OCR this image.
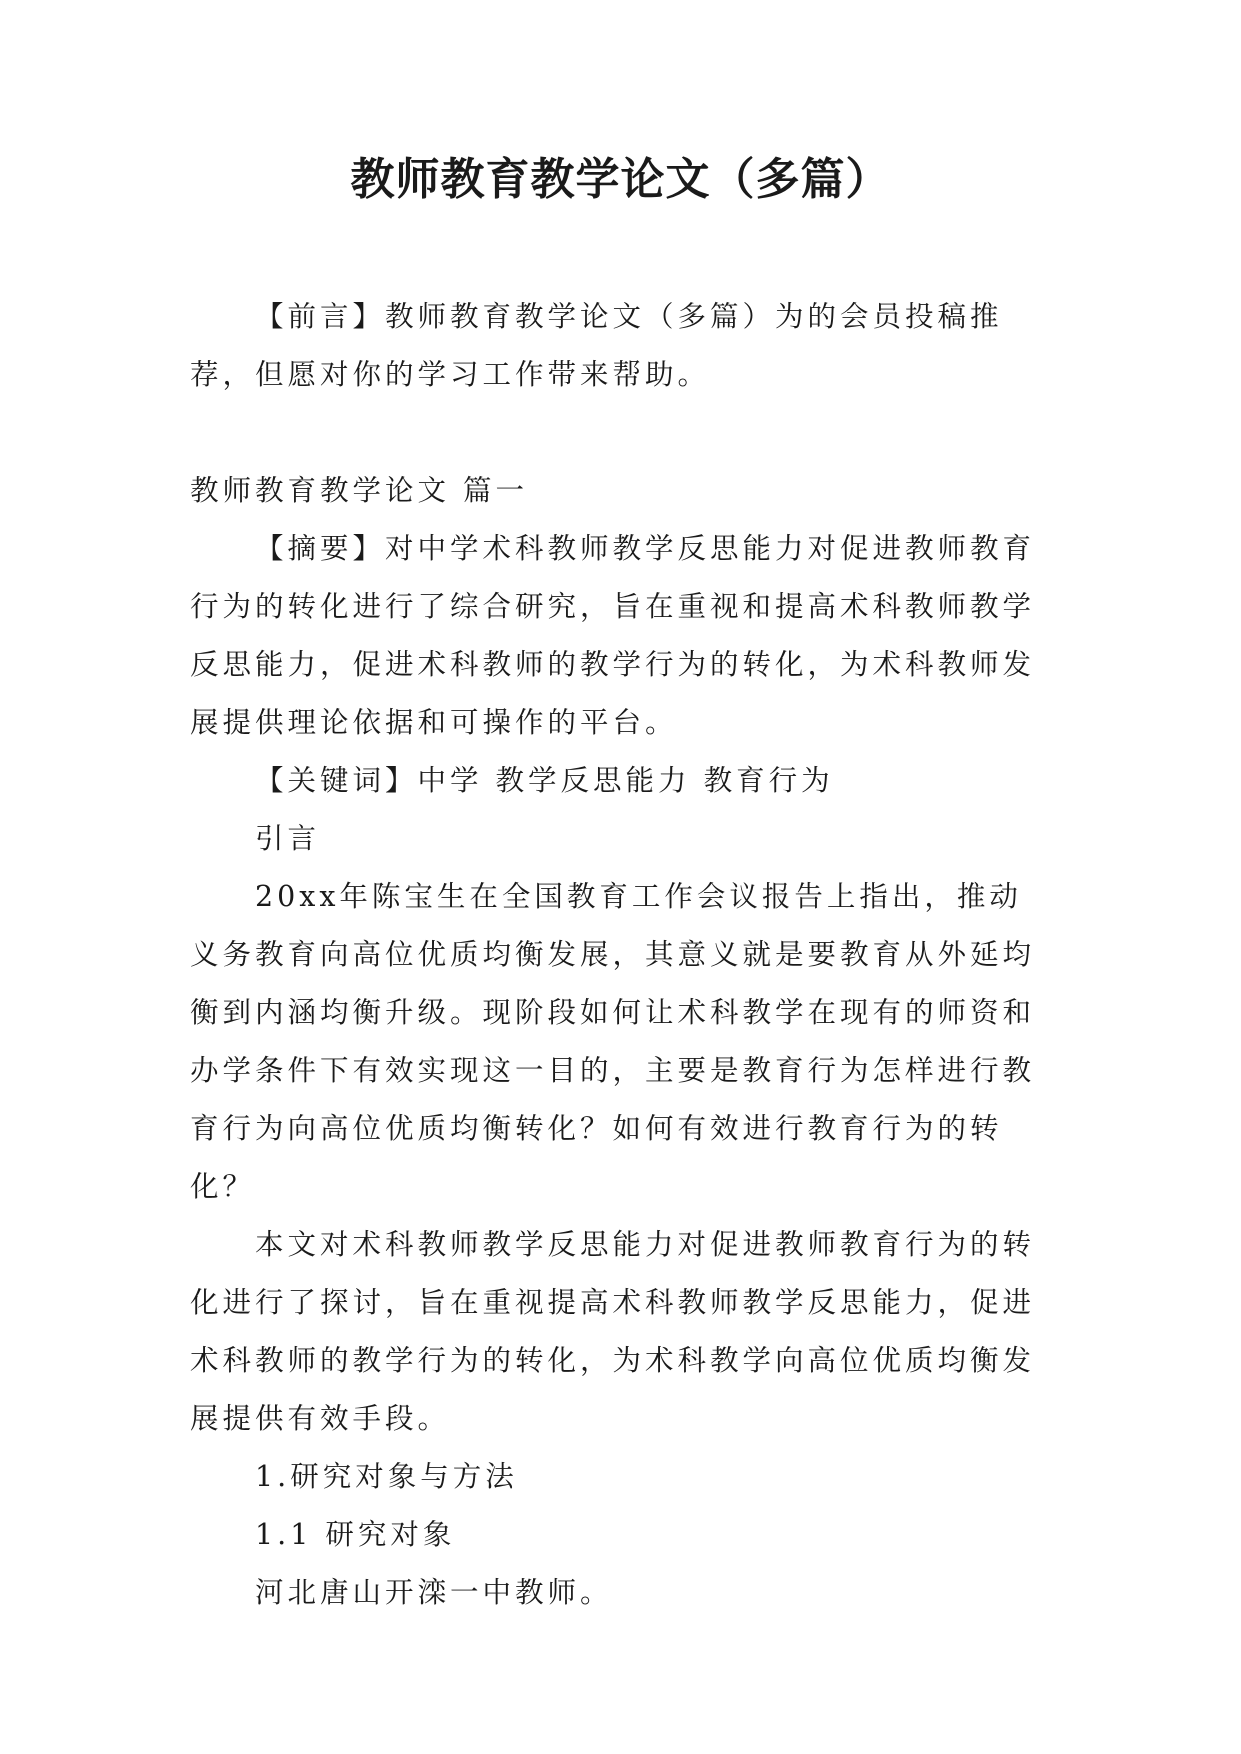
教师教育教学论文（多篇）

【前言】教师教育教学论文（多篇）为的会员投稿推荐，但愿对你的学习工作带来帮助。

教师教育教学论文 篇一

【摘要】对中学术科教师教学反思能力对促进教师教育行为的转化进行了综合研究，旨在重视和提高术科教师教学反思能力，促进术科教师的教学行为的转化，为术科教师发展提供理论依据和可操作的平台。

【关键词】中学 教学反思能力 教育行为

引言

20xx年陈宝生在全国教育工作会议报告上指出，推动义务教育向高位优质均衡发展，其意义就是要教育从外延均衡到内涵均衡升级。现阶段如何让术科教学在现有的师资和办学条件下有效实现这一目的，主要是教育行为怎样进行教育行为向高位优质均衡转化？如何有效进行教育行为的转化？

本文对术科教师教学反思能力对促进教师教育行为的转化进行了探讨，旨在重视提高术科教师教学反思能力，促进术科教师的教学行为的转化，为术科教学向高位优质均衡发展提供有效手段。

1.研究对象与方法

1.1 研究对象

河北唐山开滦一中教师。
